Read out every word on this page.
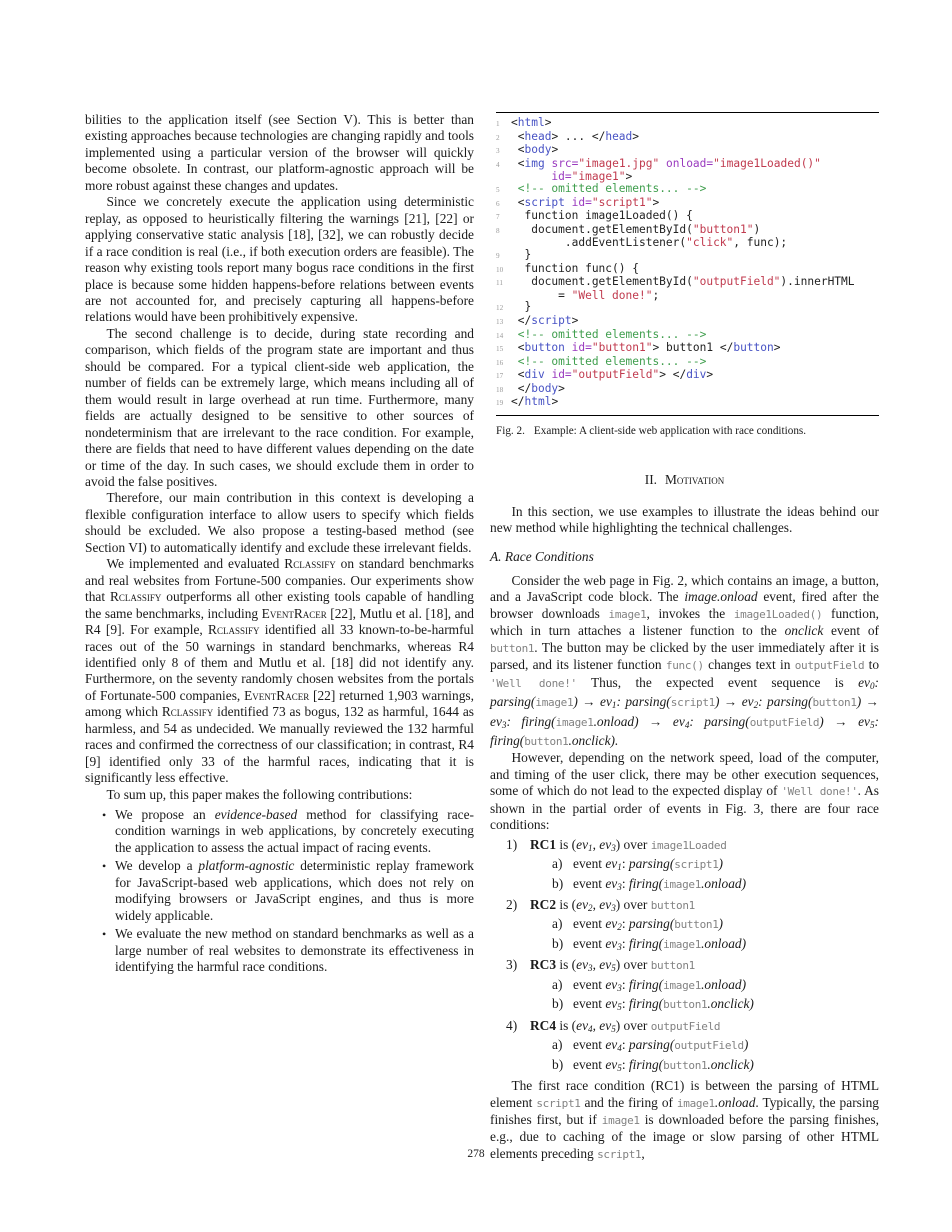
bilities to the application itself (see Section V). This is better than existing approaches because technologies are changing rapidly and tools implemented using a particular version of the browser will quickly become obsolete. In contrast, our platform-agnostic approach will be more robust against these changes and updates.

Since we concretely execute the application using deterministic replay, as opposed to heuristically filtering the warnings [21], [22] or applying conservative static analysis [18], [32], we can robustly decide if a race condition is real (i.e., if both execution orders are feasible). The reason why existing tools report many bogus race conditions in the first place is because some hidden happens-before relations between events are not accounted for, and precisely capturing all happens-before relations would have been prohibitively expensive.

The second challenge is to decide, during state recording and comparison, which fields of the program state are important and thus should be compared. For a typical client-side web application, the number of fields can be extremely large, which means including all of them would result in large overhead at run time. Furthermore, many fields are actually designed to be sensitive to other sources of nondeterminism that are irrelevant to the race condition. For example, there are fields that need to have different values depending on the date or time of the day. In such cases, we should exclude them in order to avoid the false positives.

Therefore, our main contribution in this context is developing a flexible configuration interface to allow users to specify which fields should be excluded. We also propose a testing-based method (see Section VI) to automatically identify and exclude these irrelevant fields.

We implemented and evaluated Rclassify on standard benchmarks and real websites from Fortune-500 companies. Our experiments show that Rclassify outperforms all other existing tools capable of handling the same benchmarks, including EventRacer [22], Mutlu et al. [18], and R4 [9]. For example, Rclassify identified all 33 known-to-be-harmful races out of the 50 warnings in standard benchmarks, whereas R4 identified only 8 of them and Mutlu et al. [18] did not identify any. Furthermore, on the seventy randomly chosen websites from the portals of Fortunate-500 companies, EventRacer [22] returned 1,903 warnings, among which Rclassify identified 73 as bogus, 132 as harmful, 1644 as harmless, and 54 as undecided. We manually reviewed the 132 harmful races and confirmed the correctness of our classification; in contrast, R4 [9] identified only 33 of the harmful races, indicating that it is significantly less effective.

To sum up, this paper makes the following contributions:

• We propose an evidence-based method for classifying race-condition warnings in web applications, by concretely executing the application to assess the actual impact of racing events.
• We develop a platform-agnostic deterministic replay framework for JavaScript-based web applications, which does not rely on modifying browsers or JavaScript engines, and thus is more widely applicable.
• We evaluate the new method on standard benchmarks as well as a large number of real websites to demonstrate its effectiveness in identifying the harmful race conditions.
1	<html>
2	<head> ... </head>
3	<body>
4	<img src="image1.jpg" onload="image1Loaded()"
id="image1">
5	<!-- omitted elements... -->
6	<script id="script1">
7	function image1Loaded() {
8	document.getElementById("button1")
.addEventListener("click", func);
9	}
10 function func() {
11 document.getElementById("outputField").innerHTML
= "Well done!";
12 }
13 </script>
14	<!-- omitted elements... -->
15 <button id="button1"> button1 </button>
16	<!-- omitted elements... -->
17 <div id="outputField"> </div>
18 </body>
19 </html>
Fig. 2. Example: A client-side web application with race conditions.
II. Motivation

In this section, we use examples to illustrate the ideas behind our new method while highlighting the technical challenges.

A. Race Conditions

Consider the web page in Fig. 2, which contains an image, a button, and a JavaScript code block. The image.onload event, fired after the browser downloads image1, invokes the image1Loaded() function, which in turn attaches a listener function to the onclick event of button1. The button may be clicked by the user immediately after it is parsed, and its listener function func() changes text in outputField to 'Well done!' Thus, the expected event sequence is ev0: parsing(image1) → ev1: parsing(script1) → ev2: parsing(button1) → ev3: firing(image1.onload) → ev4: parsing(outputField) → ev5: firing(button1.onclick).

However, depending on the network speed, load of the computer, and timing of the user click, there may be other execution sequences, some of which do not lead to the expected display of 'Well done!'. As shown in the partial order of events in Fig. 3, there are four race conditions:

1) RC1 is (ev1, ev3) over image1Loaded
a) event ev1: parsing(script1)
b) event ev3: firing(image1.onload)
2) RC2 is (ev2, ev3) over button1
a) event ev2: parsing(button1)
b) event ev3: firing(image1.onload)
3) RC3 is (ev3, ev5) over button1
a) event ev3: firing(image1.onload)
b) event ev5: firing(button1.onclick)
4) RC4 is (ev4, ev5) over outputField
a) event ev4: parsing(outputField)
b) event ev5: firing(button1.onclick)

The first race condition (RC1) is between the parsing of HTML element script1 and the firing of image1.onload. Typically, the parsing finishes first, but if image1 is downloaded before the parsing finishes, e.g., due to caching of the image or slow parsing of other HTML elements preceding script1,

278
